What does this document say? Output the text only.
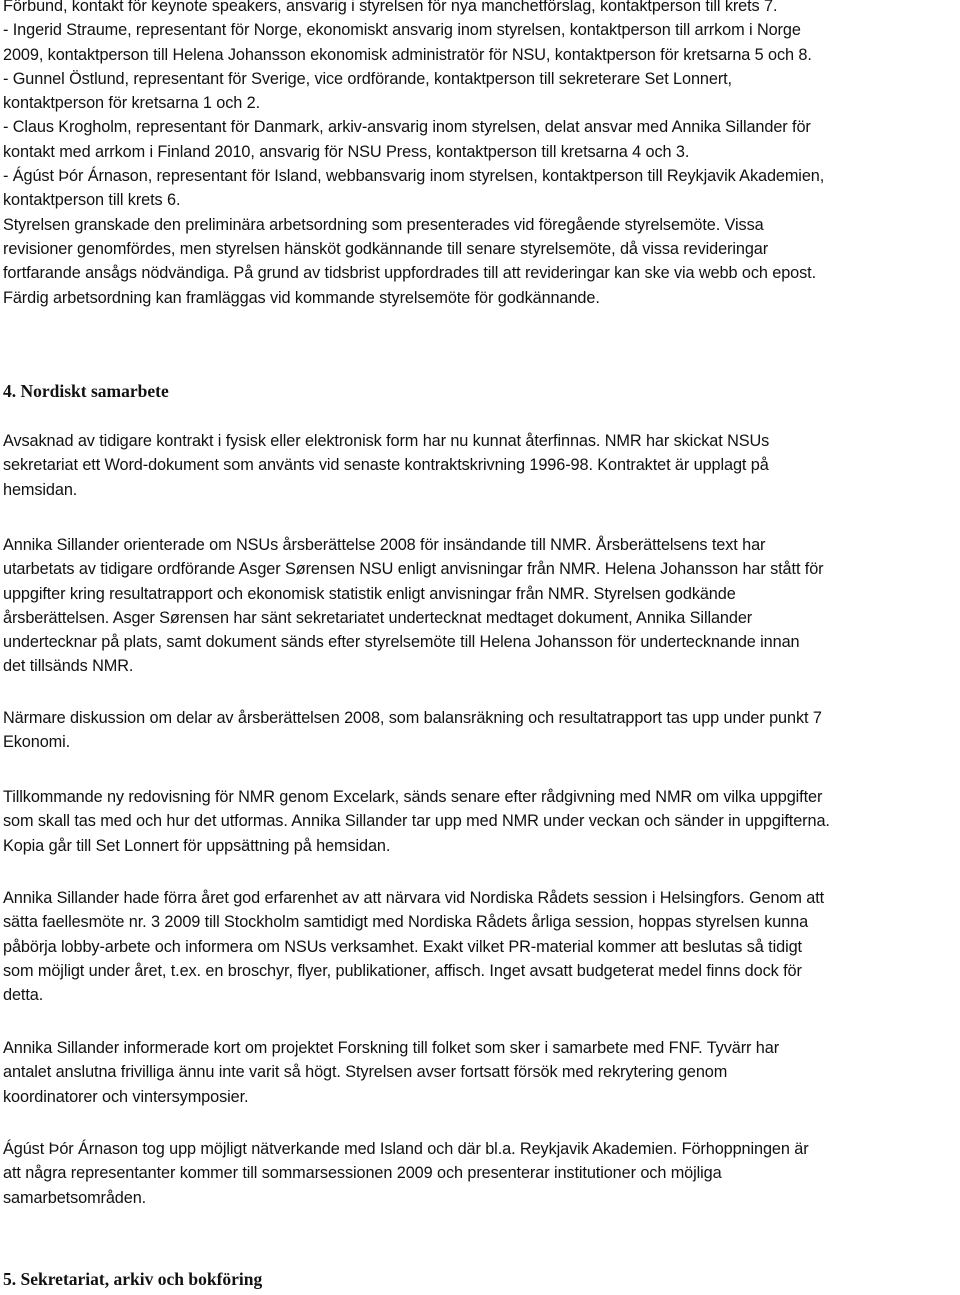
Förbund, kontakt för keynote speakers, ansvarig i styrelsen för nya manchetförslag, kontaktperson till krets 7.
- Ingerid Straume, representant för Norge, ekonomiskt ansvarig inom styrelsen, kontaktperson till arrkom i Norge
2009, kontaktperson till Helena Johansson ekonomisk administratör för NSU, kontaktperson för kretsarna 5 och 8.
- Gunnel Östlund, representant för Sverige, vice ordförande, kontaktperson till sekreterare Set Lonnert,
kontaktperson för kretsarna 1 och 2.
- Claus Krogholm, representant för Danmark, arkiv-ansvarig inom styrelsen, delat ansvar med Annika Sillander för
kontakt med arrkom i Finland 2010, ansvarig för NSU Press, kontaktperson till kretsarna 4 och 3.
- Ágúst Þór Árnason, representant för Island, webbansvarig inom styrelsen, kontaktperson till Reykjavik Akademien,
kontaktperson till krets 6.
Styrelsen granskade den preliminära arbetsordning som presenterades vid föregående styrelsemöte. Vissa
revisioner genomfördes, men styrelsen hänsköt godkännande till senare styrelsemöte, då vissa revideringar
fortfarande ansågs nödvändiga. På grund av tidsbrist uppfordrades till att revideringar kan ske via webb och epost.
Färdig arbetsordning kan framläggas vid kommande styrelsemöte för godkännande.
4. Nordiskt samarbete
Avsaknad av tidigare kontrakt i fysisk eller elektronisk form har nu kunnat återfinnas. NMR har skickat NSUs
sekretariat ett Word-dokument som använts vid senaste kontraktskrivning 1996-98. Kontraktet är upplagt på
hemsidan.
Annika Sillander orienterade om NSUs årsberättelse 2008 för insändande till NMR. Årsberättelsens text har
utarbetats av tidigare ordförande Asger Sørensen NSU enligt anvisningar från NMR. Helena Johansson har stått för
uppgifter kring resultatrapport och ekonomisk statistik enligt anvisningar från NMR. Styrelsen godkände
årsberättelsen. Asger Sørensen har sänt sekretariatet undertecknat medtaget dokument, Annika Sillander
undertecknar på plats, samt dokument sänds efter styrelsemöte till Helena Johansson för undertecknande innan
det tillsänds NMR.
Närmare diskussion om delar av årsberättelsen 2008, som balansräkning och resultatrapport tas upp under punkt 7
Ekonomi.
Tillkommande ny redovisning för NMR genom Excelark, sänds senare efter rådgivning med NMR om vilka uppgifter
som skall tas med och hur det utformas. Annika Sillander tar upp med NMR under veckan och sänder in uppgifterna.
Kopia går till Set Lonnert för uppsättning på hemsidan.
Annika Sillander hade förra året god erfarenhet av att närvara vid Nordiska Rådets session i Helsingfors. Genom att
sätta faellesmöte nr. 3 2009 till Stockholm samtidigt med Nordiska Rådets årliga session, hoppas styrelsen kunna
påbörja lobby-arbete och informera om NSUs verksamhet. Exakt vilket PR-material kommer att beslutas så tidigt
som möjligt under året, t.ex. en broschyr, flyer, publikationer, affisch. Inget avsatt budgeterat medel finns dock för
detta.
Annika Sillander informerade kort om projektet Forskning till folket som sker i samarbete med FNF. Tyvärr har
antalet anslutna frivilliga ännu inte varit så högt. Styrelsen avser fortsatt försök med rekrytering genom
koordinatorer och vintersymposier.
Ágúst Þór Árnason tog upp möjligt nätverkande med Island och där bl.a. Reykjavik Akademien. Förhoppningen är
att några representanter kommer till sommarsessionen 2009 och presenterar institutioner och möjliga
samarbetsområden.
5. Sekretariat, arkiv och bokföring
